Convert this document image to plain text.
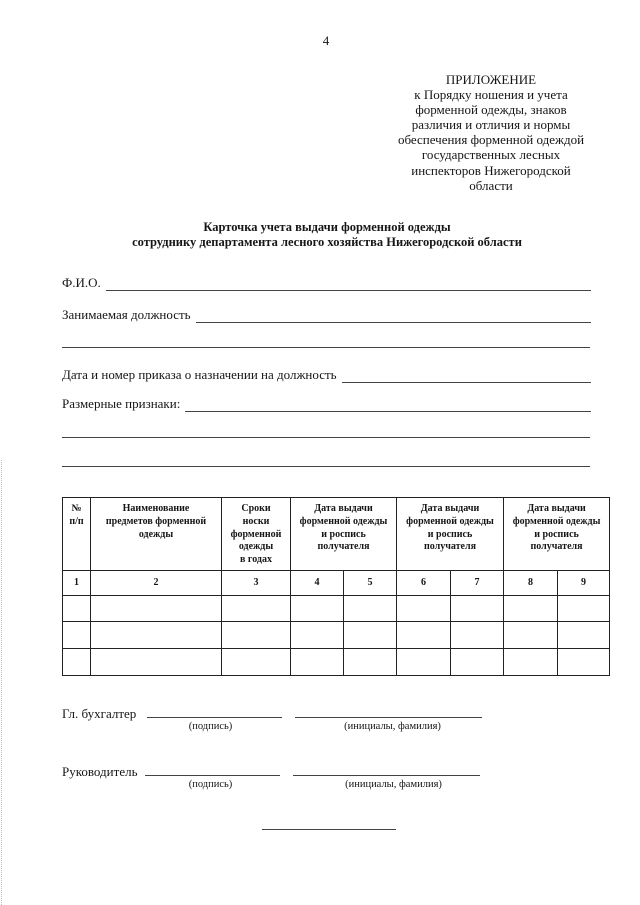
4
ПРИЛОЖЕНИЕ
к Порядку ношения и учета
форменной одежды, знаков
различия и отличия и нормы
обеспечения форменной одеждой
государственных лесных
инспекторов Нижегородской
области
Карточка учета выдачи форменной одежды
сотруднику департамента лесного хозяйства Нижегородской области
Ф.И.О.
Занимаемая должность
Дата и номер приказа о назначении на должность
Размерные признаки:
№
п/п	Наименование
предметов форменной
одежды	Сроки
носки
форменной
одежды
в годах	Дата выдачи
форменной одежды
и роспись
получателя		Дата выдачи
форменной одежды
и роспись
получателя		Дата выдачи
форменной одежды
и роспись
получателя	
1	2	3	4	5	6	7	8	9

Гл. бухгалтер
(подпись)	(инициалы, фамилия)
Руководитель
(подпись)	(инициалы, фамилия)
